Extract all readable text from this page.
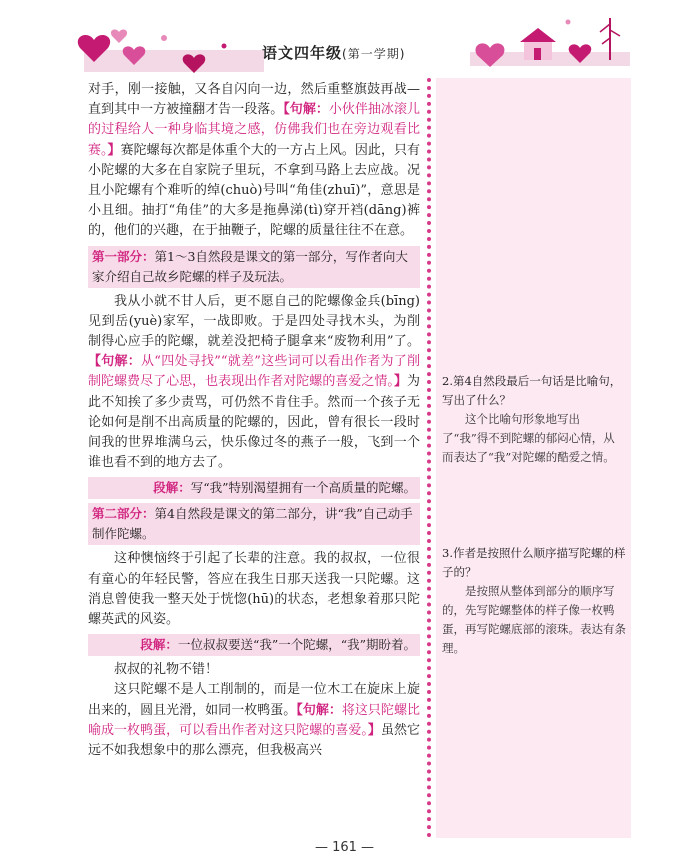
语文四年级(第一学期)

对手，刚一接触，又各自闪向一边，然后重整旗鼓再战—直到其中一方被撞翻才告一段落。【句解：小伙伴抽冰滚儿的过程给人一种身临其境之感，仿佛我们也在旁边观看比赛。】赛陀螺每次都是体重个大的一方占上风。因此，只有小陀螺的大多在自家院子里玩，不拿到马路上去应战。况且小陀螺有个难听的绰(chuò)号叫“角佳(zhuī)”，意思是小且细。抽打“角佳”的大多是拖鼻涕(tì)穿开裆(dāng)裤的，他们的兴趣，在于抽鞭子，陀螺的质量往往不在意。

第一部分：第1～3自然段是课文的第一部分，写作者向大家介绍自己故乡陀螺的样子及玩法。

我从小就不甘人后，更不愿自己的陀螺像金兵(bīng)见到岳(yuè)家军，一战即败。于是四处寻找木头，为削制得心应手的陀螺，就差没把椅子腿拿来“废物利用”了。【句解：从“四处寻找”“就差”这些词可以看出作者为了削制陀螺费尽了心思，也表现出作者对陀螺的喜爱之情。】为此不知挨了多少责骂，可仍然不肯住手。然而一个孩子无论如何是削不出高质量的陀螺的，因此，曾有很长一段时间我的世界堆满乌云，快乐像过冬的燕子一般，飞到一个谁也看不到的地方去了。

段解：写“我”特别渴望拥有一个高质量的陀螺。
第二部分：第4自然段是课文的第二部分，讲“我”自己动手制作陀螺。

这种懊恼终于引起了长辈的注意。我的叔叔，一位很有童心的年轻民警，答应在我生日那天送我一只陀螺。这消息曾使我一整天处于恍惚(hū)的状态，老想象着那只陀螺英武的风姿。

段解：一位叔叔要送“我”一个陀螺，“我”期盼着。

叔叔的礼物不错！

这只陀螺不是人工削制的，而是一位木工在旋床上旋出来的，圆且光滑，如同一枚鸭蛋。【句解：将这只陀螺比喻成一枚鸭蛋，可以看出作者对这只陀螺的喜爱。】虽然它远不如我想象中的那么漂亮，但我极高兴

2.第4自然段最后一句话是比喻句，写出了什么？
这个比喻句形象地写出了“我”得不到陀螺的郁闷心情，从而表达了“我”对陀螺的酷爱之情。
3.作者是按照什么顺序描写陀螺的样子的？
是按照从整体到部分的顺序写的，先写陀螺整体的样子像一枚鸭蛋，再写陀螺底部的滚珠。表达有条理。
— 161 —
